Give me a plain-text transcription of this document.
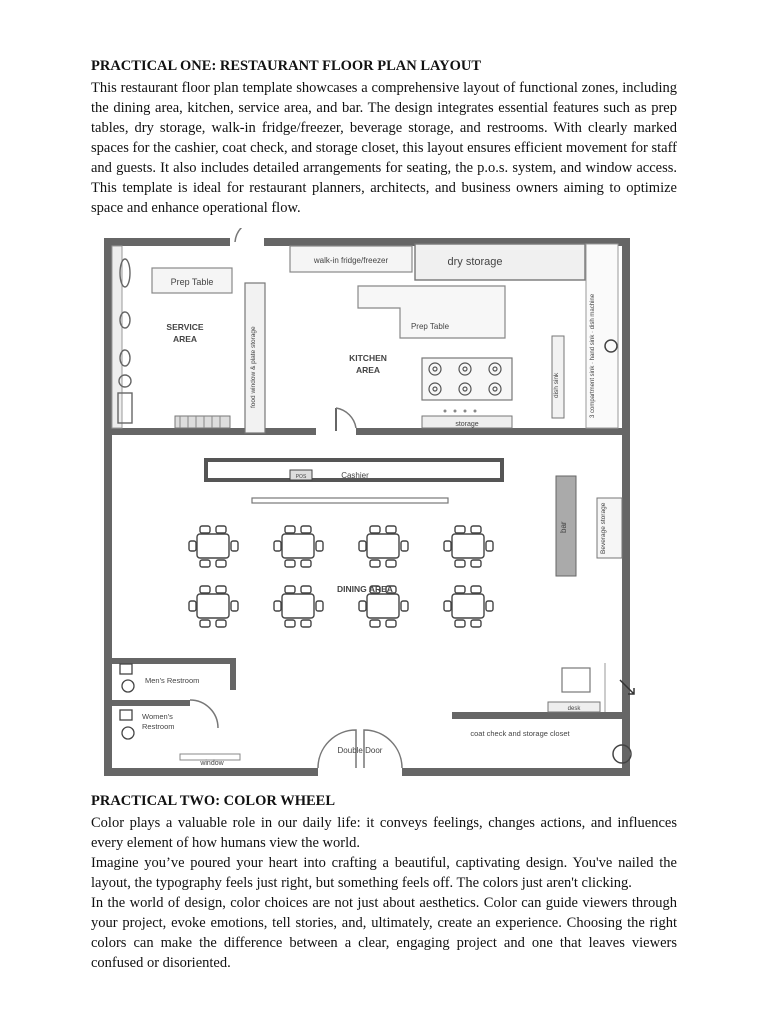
PRACTICAL ONE: RESTAURANT FLOOR PLAN LAYOUT

This restaurant floor plan template showcases a comprehensive layout of functional zones, including the dining area, kitchen, service area, and bar. The design integrates essential features such as prep tables, dry storage, walk-in fridge/freezer, beverage storage, and restrooms. With clearly marked spaces for the cashier, coat check, and storage closet, this layout ensures efficient movement for staff and guests. It also includes detailed arrangements for seating, the p.o.s. system, and window access. This template is ideal for restaurant planners, architects, and business owners aiming to optimize space and enhance operational flow.

Prep Table
SERVICE
AREA	food window & plate storage
walk-in fridge/freezer	dry storage
Prep Table
KITCHEN
AREA
storage
dish sink	3 compartment sink · hand sink · dish machine
POS	Cashier
bar	Beverage storage
DINING AREA
Men's Restroom
Women's
Restroom
window
Double Door
desk
coat check and storage closet
PRACTICAL TWO: COLOR WHEEL

Color plays a valuable role in our daily life: it conveys feelings, changes actions, and influences every element of how humans view the world.

Imagine you’ve poured your heart into crafting a beautiful, captivating design. You've nailed the layout, the typography feels just right, but something feels off. The colors just aren't clicking.

In the world of design, color choices are not just about aesthetics. Color can guide viewers through your project, evoke emotions, tell stories, and, ultimately, create an experience. Choosing the right colors can make the difference between a clear, engaging project and one that leaves viewers confused or disoriented.
